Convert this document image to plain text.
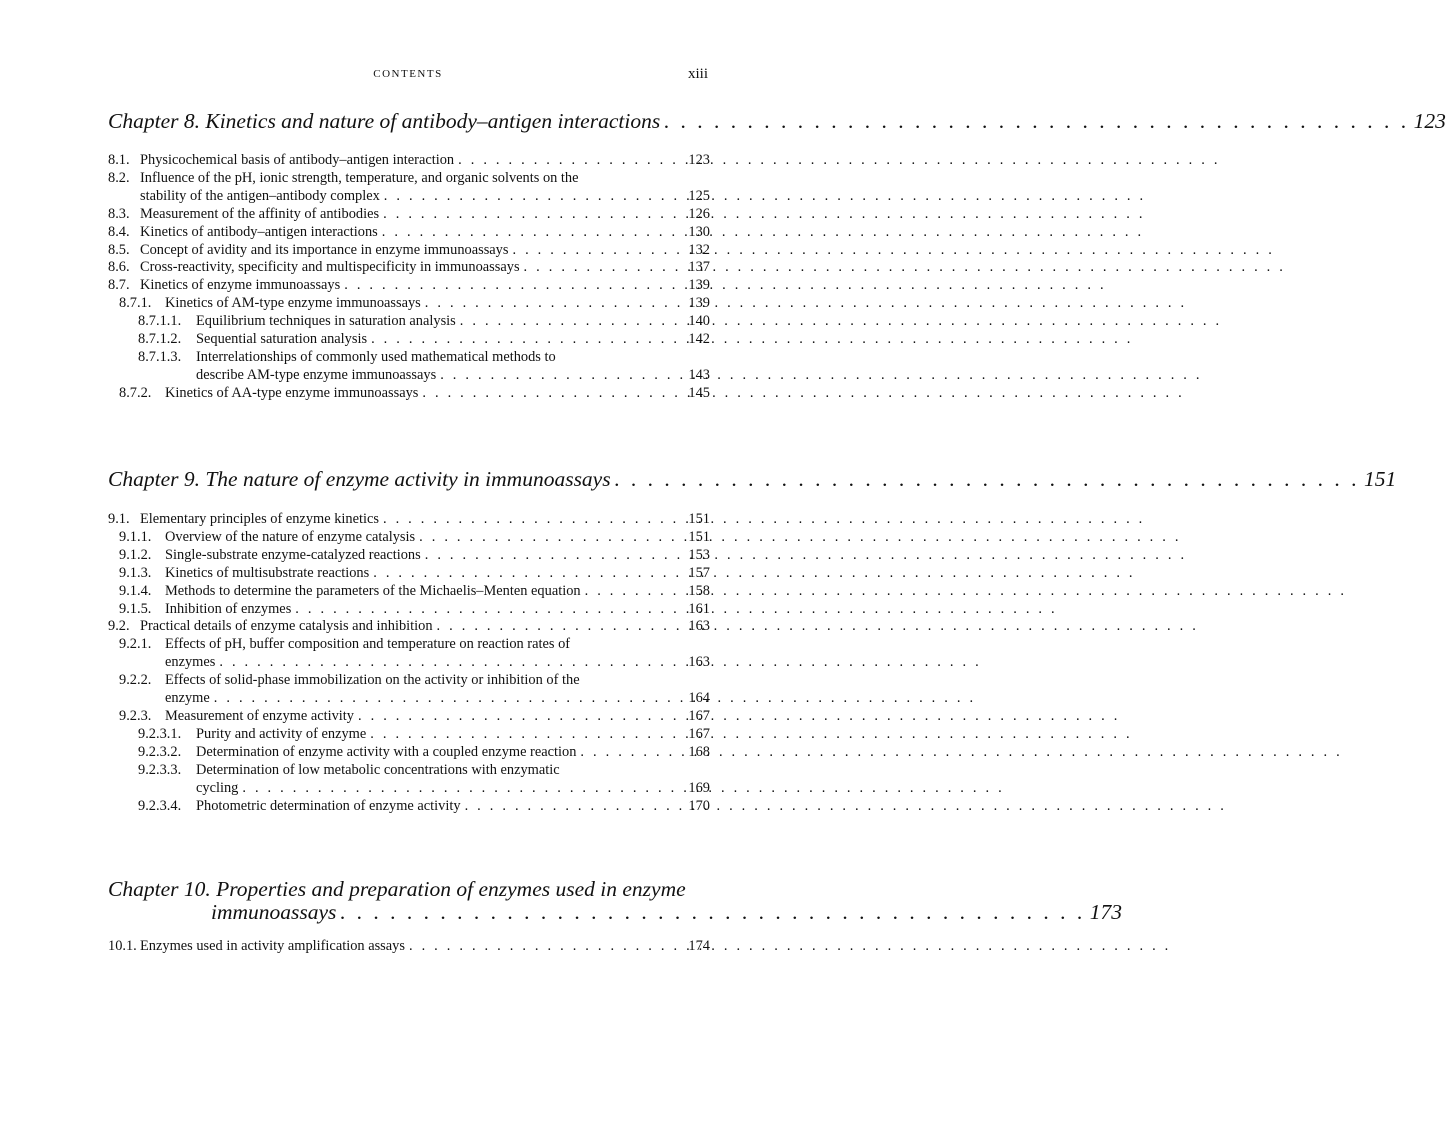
CONTENTS	xiii
Chapter 8. Kinetics and nature of antibody–antigen interactions . . .	123
8.1. Physicochemical basis of antibody–antigen interaction . . .	123
8.2. Influence of the pH, ionic strength, temperature, and organic solvents on the
stability of the antigen–antibody complex . . .	125
8.3. Measurement of the affinity of antibodies . . .	126
8.4. Kinetics of antibody–antigen interactions . . .	130
8.5. Concept of avidity and its importance in enzyme immunoassays . . .	132
8.6. Cross-reactivity, specificity and multispecificity in immunoassays . . .	137
8.7. Kinetics of enzyme immunoassays . . .	139
8.7.1. Kinetics of AM-type enzyme immunoassays . . .	139
8.7.1.1.	Equilibrium techniques in saturation analysis . . .	140
8.7.1.2.	Sequential saturation analysis . . .	142
8.7.1.3.	Interrelationships of commonly used mathematical methods to
describe AM-type enzyme immunoassays . . .	143
8.7.2. Kinetics of AA-type enzyme immunoassays . . .	145
Chapter 9. The nature of enzyme activity in immunoassays . . .	151
9.1. Elementary principles of enzyme kinetics . . .	151
9.1.1. Overview of the nature of enzyme catalysis . . .	151
9.1.2. Single-substrate enzyme-catalyzed reactions . . .	153
9.1.3. Kinetics of multisubstrate reactions . . .	157
9.1.4. Methods to determine the parameters of the Michaelis–Menten equation . . .	158
9.1.5. Inhibition of enzymes . . .	161
9.2. Practical details of enzyme catalysis and inhibition . . .	163
9.2.1. Effects of pH, buffer composition and temperature on reaction rates of
enzymes . . .	163
9.2.2. Effects of solid-phase immobilization on the activity or inhibition of the
enzyme . . .	164
9.2.3. Measurement of enzyme activity . . .	167
9.2.3.1.	Purity and activity of enzyme . . .	167
9.2.3.2.	Determination of enzyme activity with a coupled enzyme reaction . . .	168
9.2.3.3.	Determination of low metabolic concentrations with enzymatic
cycling . . .	169
9.2.3.4.	Photometric determination of enzyme activity . . .	170
Chapter 10. Properties and preparation of enzymes used in enzyme
immunoassays . . .	173
10.1. Enzymes used in activity amplification assays . . .	174
